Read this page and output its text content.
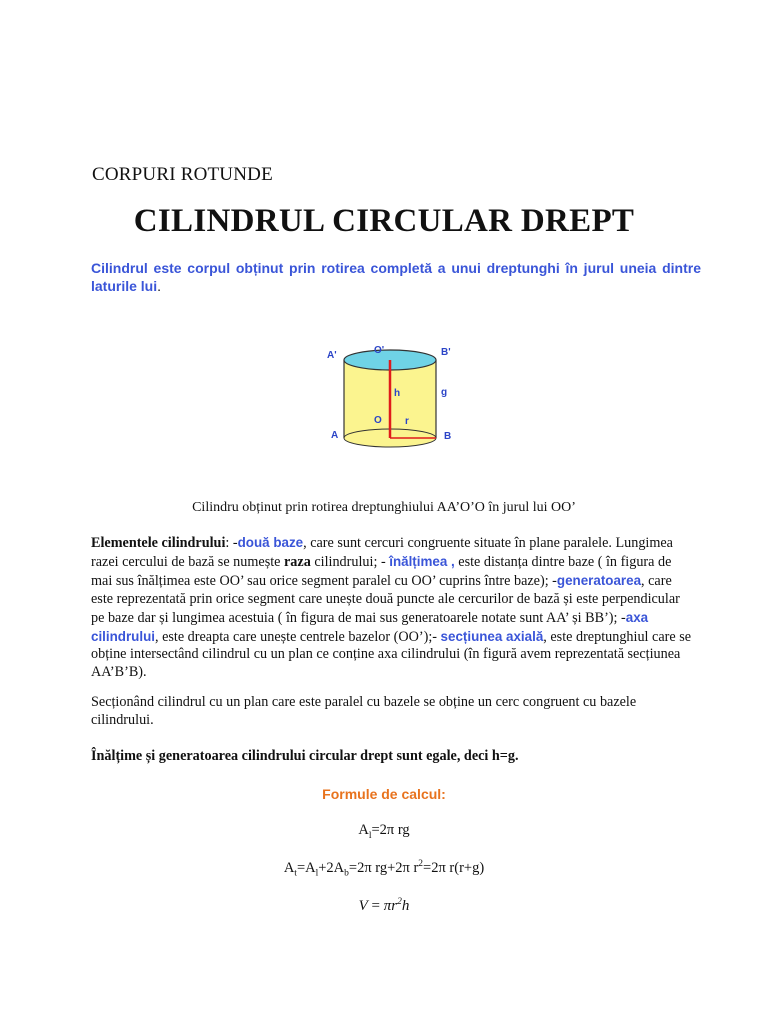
CORPURI ROTUNDE
CILINDRUL CIRCULAR DREPT
Cilindrul este corpul obținut prin rotirea completă a unui dreptunghi în jurul uneia dintre laturile lui.
O'
A'	B'
h	g
O r
A	B
Cilindru obținut prin rotirea dreptunghiului AA’O’O în jurul lui OO’
Elementele cilindrului: -două baze, care sunt cercuri congruente situate în plane paralele. Lungimea razei cercului de bază se numește raza cilindrului; - înălțimea , este distanța dintre baze ( în figura de mai sus înălțimea este OO’ sau orice segment paralel cu OO’ cuprins între baze); -generatoarea, care este reprezentată prin orice segment care unește două puncte ale cercurilor de bază și este perpendicular pe baze dar și lungimea acestuia ( în figura de mai sus generatoarele notate sunt AA’ și BB’); -axa cilindrului, este dreapta care unește centrele bazelor (OO’);- secțiunea axială, este dreptunghiul care se obține intersectând cilindrul cu un plan ce conține axa cilindrului (în figură avem reprezentată secțiunea AA’B’B).
Secționând cilindrul cu un plan care este paralel cu bazele se obține un cerc congruent cu bazele cilindrului.
Înălțime și generatoarea cilindrului circular drept sunt egale, deci h=g.
Formule de calcul:
$A_l=2\pi$ rg
$A_t=A_l+2A_b=2\pi$ rg+2π $r^2=2\pi$ r(r+g)
$V = \pi r^2h$
